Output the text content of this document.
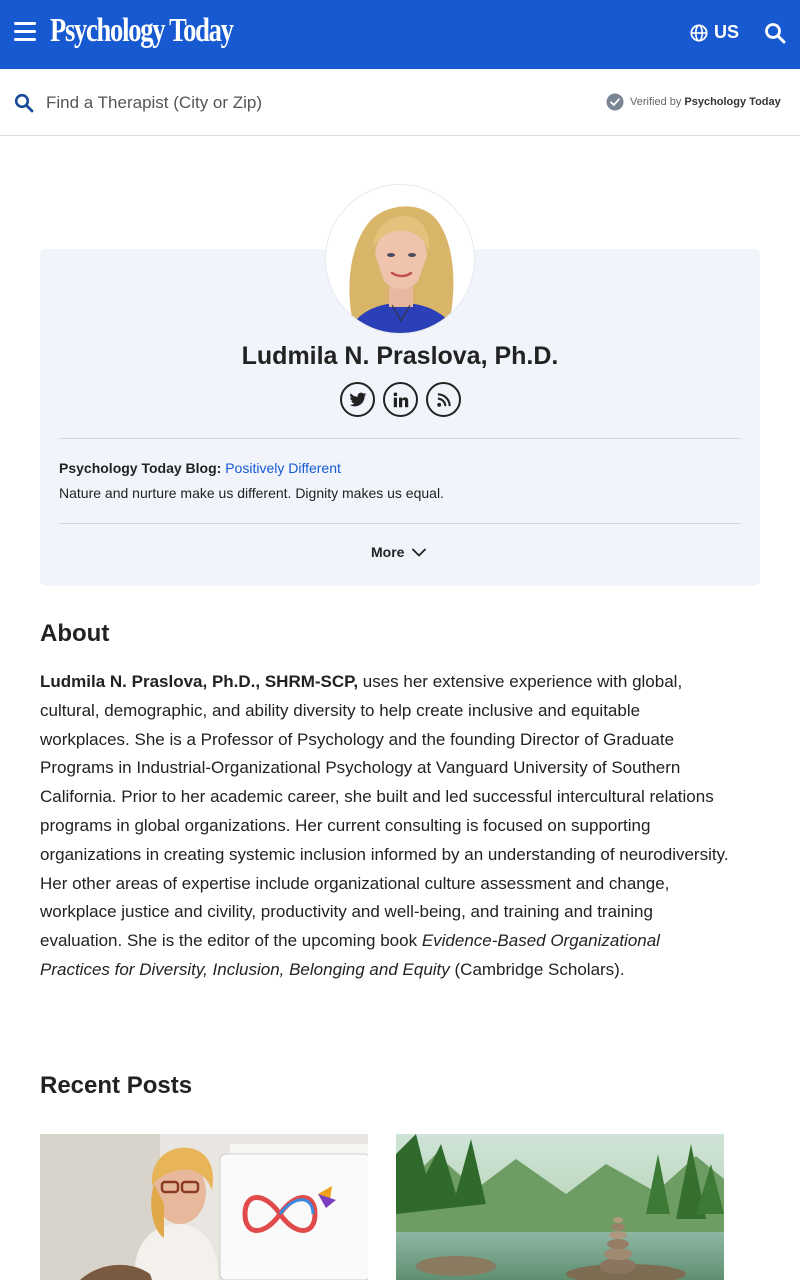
Psychology Today	US
Find a Therapist (City or Zip)
Verified by Psychology Today
Ludmila N. Praslova, Ph.D.
Psychology Today Blog: Positively Different
Nature and nurture make us different. Dignity makes us equal.
More
About
Ludmila N. Praslova, Ph.D., SHRM-SCP, uses her extensive experience with global, cultural, demographic, and ability diversity to help create inclusive and equitable workplaces. She is a Professor of Psychology and the founding Director of Graduate Programs in Industrial-Organizational Psychology at Vanguard University of Southern California. Prior to her academic career, she built and led successful intercultural relations programs in global organizations. Her current consulting is focused on supporting organizations in creating systemic inclusion informed by an understanding of neurodiversity. Her other areas of expertise include organizational culture assessment and change, workplace justice and civility, productivity and well-being, and training and training evaluation. She is the editor of the upcoming book Evidence-Based Organizational Practices for Diversity, Inclusion, Belonging and Equity (Cambridge Scholars).
Recent Posts
